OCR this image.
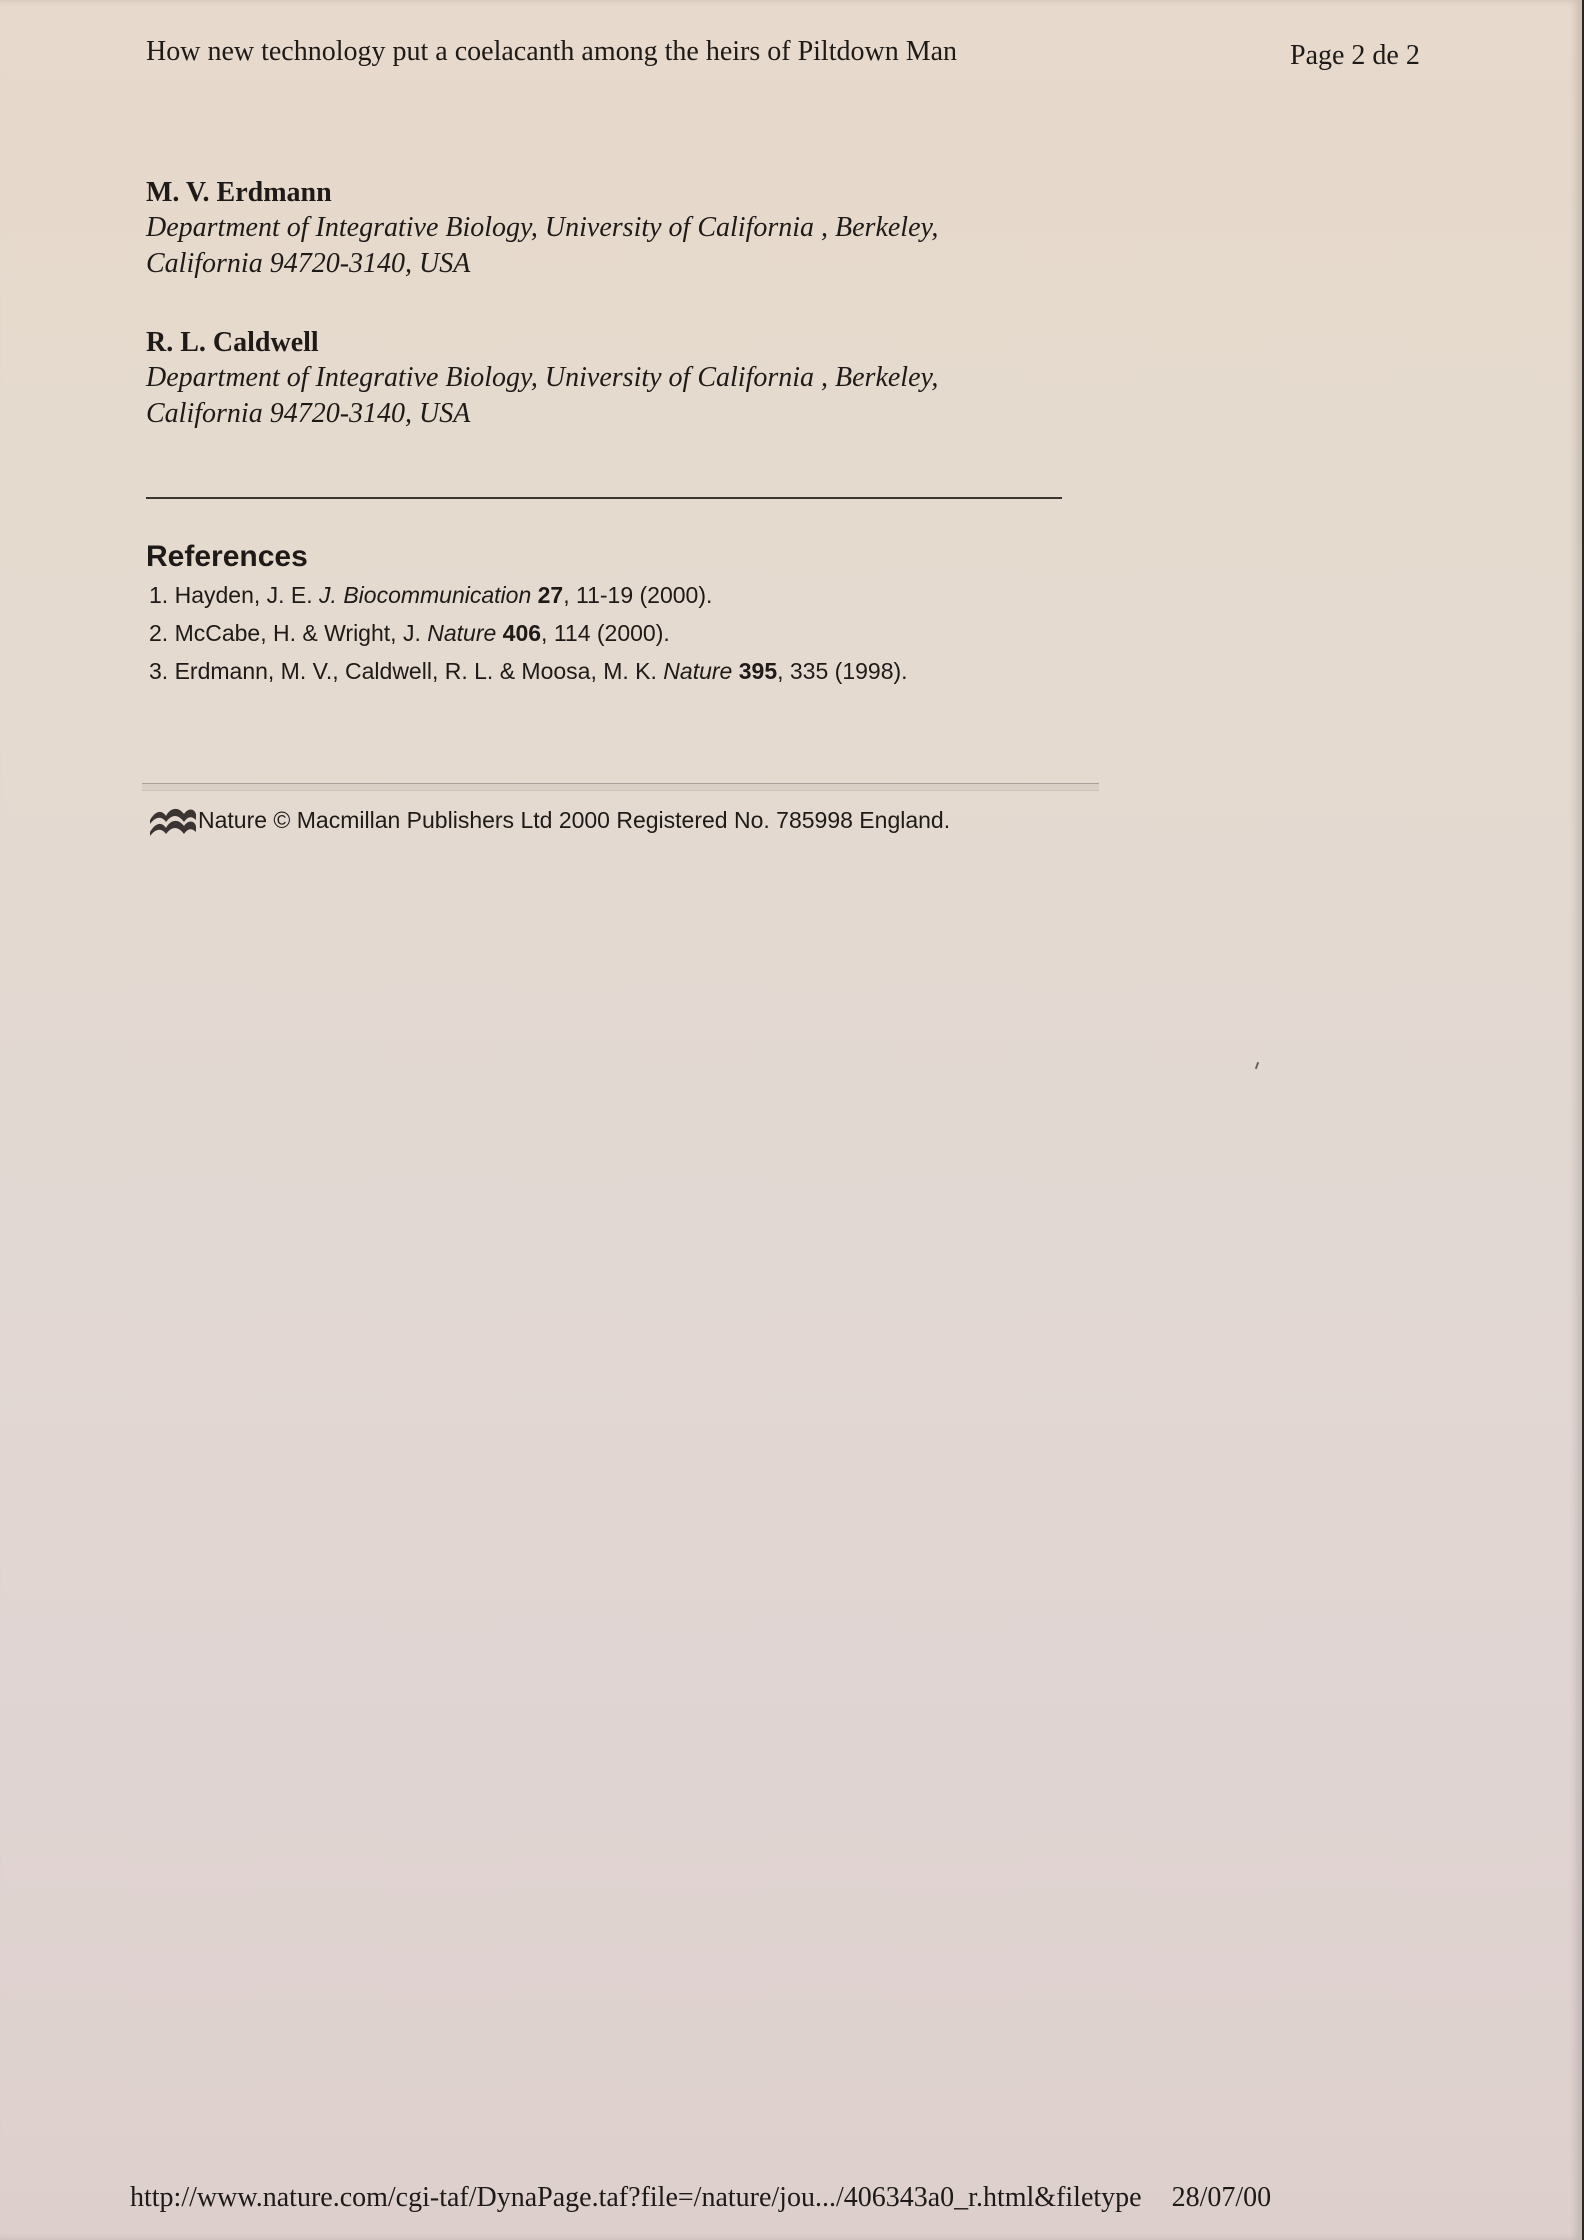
How new technology put a coelacanth among the heirs of Piltdown Man	Page 2 de 2
M. V. Erdmann
Department of Integrative Biology, University of California , Berkeley,
California 94720-3140, USA
R. L. Caldwell
Department of Integrative Biology, University of California , Berkeley,
California 94720-3140, USA
References
1. Hayden, J. E. J. Biocommunication 27, 11-19 (2000).
2. McCabe, H. & Wright, J. Nature 406, 114 (2000).
3. Erdmann, M. V., Caldwell, R. L. & Moosa, M. K. Nature 395, 335 (1998).
Nature © Macmillan Publishers Ltd 2000 Registered No. 785998 England.
http://www.nature.com/cgi-taf/DynaPage.taf?file=/nature/jou.../406343a0_r.html&filetype 28/07/00
